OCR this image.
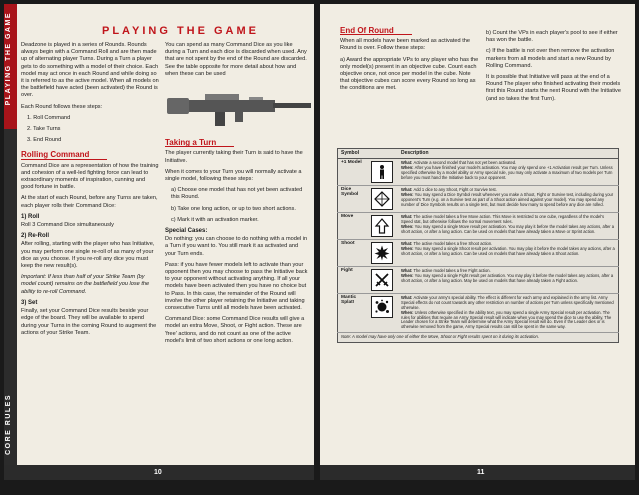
PLAYING THE GAME
CORE RULES
PLAYING THE GAME

Deadzone is played in a series of Rounds. Rounds always begin with a Command Roll and are then made up of alternating player Turns. During a Turn a player gets to do something with a model of their choice. Each model may act once in each Round and while doing so it is referred to as the active model. When all models on the battlefield have acted (been activated) the Round is over.

Each Round follows these steps:

1. Roll Command

2. Take Turns

3. End Round

Rolling Command

Command Dice are a representation of how the training and cohesion of a well-led fighting force can lead to extraordinary moments of inspiration, cunning and good fortune in battle.

At the start of each Round, before any Turns are taken, each player rolls their Command Dice:

1) Roll

Roll 3 Command Dice simultaneously

2) Re-Roll

After rolling, starting with the player who has Initiative, you may perform one single re-roll of as many of your dice as you choose. If you re-roll any dice you must keep the new result(s).

Important: If less than half of your Strike Team (by model count) remains on the battlefield you lose the ability to re-roll Command.

3) Set

Finally, set your Command Dice results beside your edge of the board. They will be available to spend during your Turns in the coming Round to augment the actions of your Strike Team.

You can spend as many Command Dice as you like during a Turn and each dice is discarded when used. Any that are not spent by the end of the Round are discarded. See the table opposite for more detail about how and when these can be used

Taking a Turn

The player currently taking their Turn is said to have the Initiative.

When it comes to your Turn you will normally activate a single model, following these steps:

a) Choose one model that has not yet been activated this Round.

b) Take one long action, or up to two short actions.

c) Mark it with an activation marker.

Special Cases:

Do nothing: you can choose to do nothing with a model in a Turn if you want to. You still mark it as activated and your Turn ends.

Pass: if you have fewer models left to activate than your opponent then you may choose to pass the Initiative back to your opponent without activating anything. If all your models have been activated then you have no choice but to Pass. In this case, the remainder of the Round will involve the other player retaining the Initiative and taking consecutive Turns until all models have been activated.

Command Dice: some Command Dice results will give a model an extra Move, Shoot, or Fight action. These are 'free' actions, and do not count as one of the active model's limit of two short actions or one long action.

10
End Of Round

When all models have been marked as activated the Round is over. Follow these steps:

a) Award the appropriate VPs to any player who has the only model(s) present in an objective cube. Count each objective once, not once per model in the cube. Note that objective cubes can score every Round so long as the conditions are met.

b) Count the VPs in each player's pool to see if either has won the battle.

c) If the battle is not over then remove the activation markers from all models and start a new Round by Rolling Command.

It is possible that Initiative will pass at the end of a Round The player who finished activating their models first this Round starts the next Round with the Initiative (and so takes the first Turn).

Symbol		Description
+1 Model		What: Activate a second model that has not yet been activated.
When: After you have finished your model's activation. You may only spend one +1 Activation result per Turn. Unless specified otherwise by a model ability or Army special rule, you may only activate a maximum of two models per Turn before you must hand the Initiative back to your opponent.

Dice Symbol		What: Add 1 dice to any Shoot, Fight or Survive test.
When: You may spend a Dice Symbol result whenever you make a Shoot, Fight or Survive test, including during your opponent's Turn (e.g. on a Survive test as part of a Shoot action aimed against your model). You may spend any number of Dice Symbols results on a single test, but must decide how many to spend before any dice are rolled.

Move		What: The active model takes a free Move action. This Move is restricted to one cube, regardless of the model's Speed stat, but otherwise follows the normal movement rules.
When: You may spend a single Move result per activation. You may play it before the model takes any actions, after a short action, or after a long action. Can be used on models that have already taken a Move or Sprint action.

Shoot		What: The active model takes a free Shoot action.
When: You may spend a single Shoot result per activation. You may play it before the model takes any actions, after a short action, or after a long action. Can be used on models that have already taken a Shoot action.

Fight		What: The active model takes a free Fight action.
When: You may spend a single Fight result per activation. You may play it before the model takes any actions, after a short action, or after a long action. May be used on models that have already taken a Fight action.

Mantic Splat!		What: Activate your army's special ability. The effect is different for each army and explained in the army list. Army Special effects do not count towards any other restriction on number of actions per Turn unless specifically mentioned otherwise.
When: Unless otherwise specified in the ability text, you may spend a single Army Special result per activation. The rules for abilities that require an Army Special result will indicate when you may spend the dice to use the ability. The Leader chosen for a Strike Team will determine what the Army Special result will do. Even if the Leader dies or is otherwise removed from the game, Army Special results can still be spent in the same way.

Note: A model may have only one of either the Move, Shoot or Fight results spent on it during its activation.		
11
